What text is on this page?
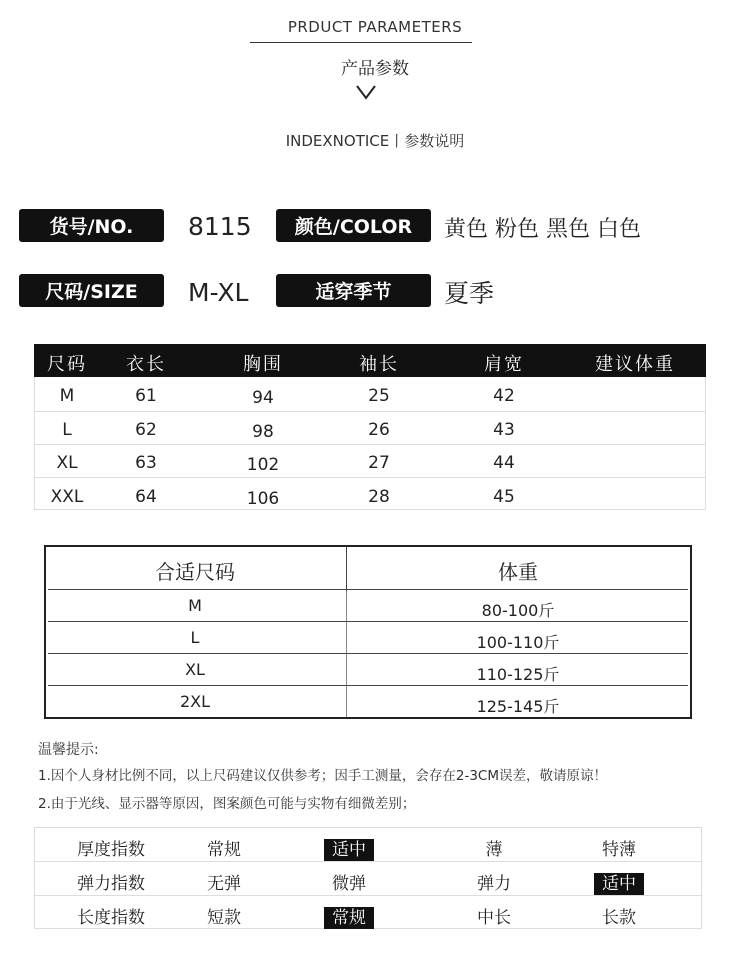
PRDUCT PARAMETERS
产品参数
INDEXNOTICE丨参数说明
货号/NO.	8115	颜色/COLOR	黄色 粉色 黑色 白色
尺码/SIZE	M-XL	适穿季节	夏季
尺码	衣长	胸围	袖长	肩宽	建议体重
M	61	94	25	42
L	62	98	26	43
XL	63	102	27	44
XXL	64	106	28	45
合适尺码	体重
M	80-100斤
L	100-110斤
XL	110-125斤
2XL	125-145斤
温馨提示:
1.因个人身材比例不同，以上尺码建议仅供参考；因手工测量，会存在2-3CM误差，敬请原谅！
2.由于光线、显示器等原因，图案颜色可能与实物有细微差别；
厚度指数	常规	适中	薄	特薄
弹力指数	无弹	微弹	弹力	适中
长度指数	短款	常规	中长	长款
